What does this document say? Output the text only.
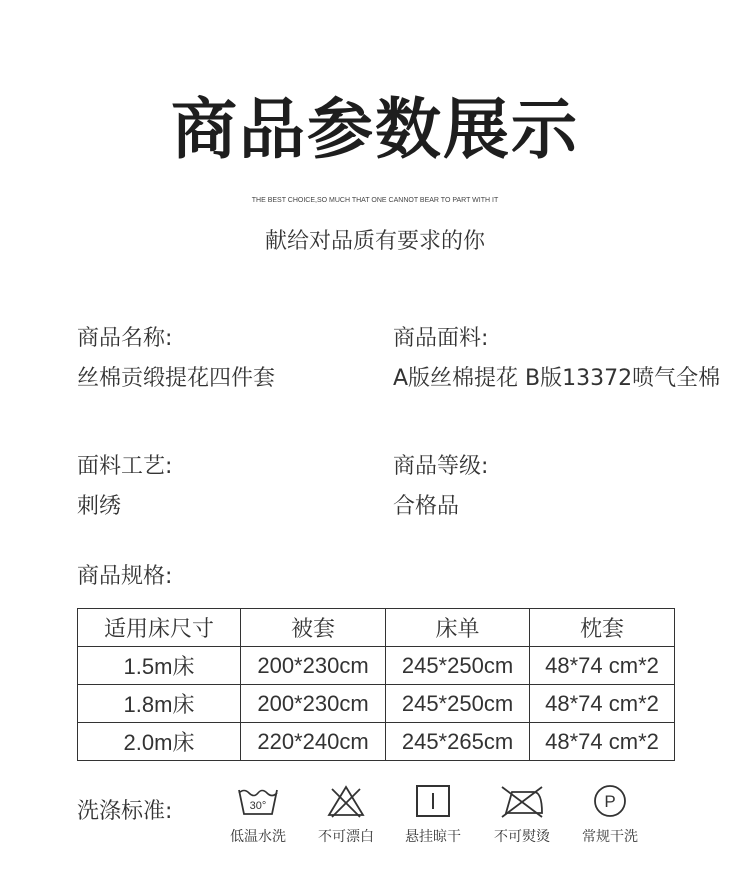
商品参数展示
THE BEST CHOICE,SO MUCH THAT ONE CANNOT BEAR TO PART WITH IT
献给对品质有要求的你
商品名称:
丝棉贡缎提花四件套
商品面料:
A版丝棉提花 B版13372喷气全棉
面料工艺:
刺绣
商品等级:
合格品
商品规格:
适用床尺寸	被套	床单	枕套
1.5m床	200*230cm	245*250cm	48*74 cm*2
1.8m床	200*230cm	245*250cm	48*74 cm*2
2.0m床	220*240cm	245*265cm	48*74 cm*2
洗涤标准:	30°
低温水洗	不可漂白	悬挂晾干	不可熨烫
P
常规干洗
